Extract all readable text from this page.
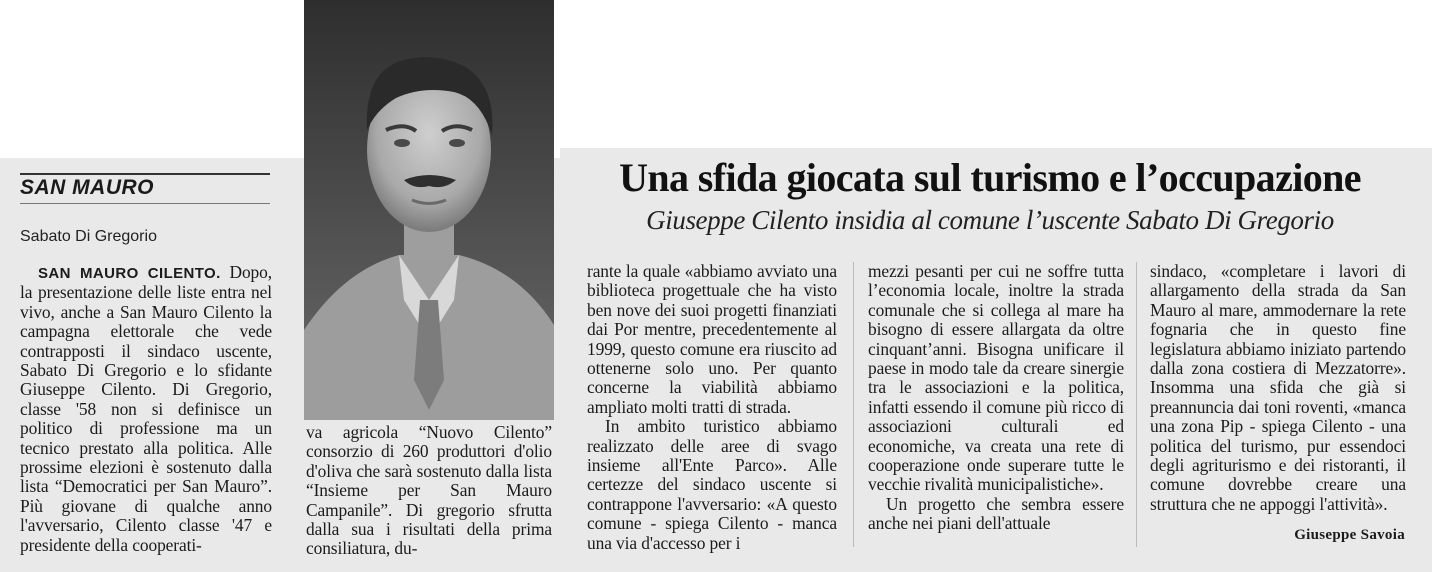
SAN MAURO
Sabato Di Gregorio

SAN MAURO CILENTO. Dopo, la presentazione delle liste entra nel vivo, anche a San Mauro Cilento la campagna elettorale che vede contrapposti il sindaco uscente, Sabato Di Gregorio e lo sfidante Giuseppe Cilento. Di Gregorio, classe '58 non si definisce un politico di professione ma un tecnico prestato alla politica. Alle prossime elezioni è sostenuto dalla lista “Democratici per San Mauro”. Più giovane di qualche anno l'avversario, Cilento classe '47 e presidente della cooperati-

Una sfida giocata sul turismo e l’occupazione
Giuseppe Cilento insidia al comune l’uscente Sabato Di Gregorio

va agricola “Nuovo Cilento” consorzio di 260 produttori d'olio d'oliva che sarà sostenuto dalla lista “Insieme per San Mauro Campanile”. Di gregorio sfrutta dalla sua i risultati della prima consiliatura, du-

rante la quale «abbiamo avviato una biblioteca progettuale che ha visto ben nove dei suoi progetti finanziati dai Por mentre, precedentemente al 1999, questo comune era riuscito ad ottenerne solo uno. Per quanto concerne la viabilità abbiamo ampliato molti tratti di strada.

In ambito turistico abbiamo realizzato delle aree di svago insieme all'Ente Parco». Alle certezze del sindaco uscente si contrappone l'avversario: «A questo comune - spiega Cilento - manca una via d'accesso per i

mezzi pesanti per cui ne soffre tutta l’economia locale, inoltre la strada comunale che si collega al mare ha bisogno di essere allargata da oltre cinquant’anni. Bisogna unificare il paese in modo tale da creare sinergie tra le associazioni e la politica, infatti essendo il comune più ricco di associazioni culturali ed economiche, va creata una rete di cooperazione onde superare tutte le vecchie rivalità municipalistiche».

Un progetto che sembra essere anche nei piani dell'attuale

sindaco, «completare i lavori di allargamento della strada da San Mauro al mare, ammodernare la rete fognaria che in questo fine legislatura abbiamo iniziato partendo dalla zona costiera di Mezzatorre». Insomma una sfida che già si preannuncia dai toni roventi, «manca una zona Pip - spiega Cilento - una politica del turismo, pur essendoci degli agriturismo e dei ristoranti, il comune dovrebbe creare una struttura che ne appoggi l'attività».

Giuseppe Savoia
